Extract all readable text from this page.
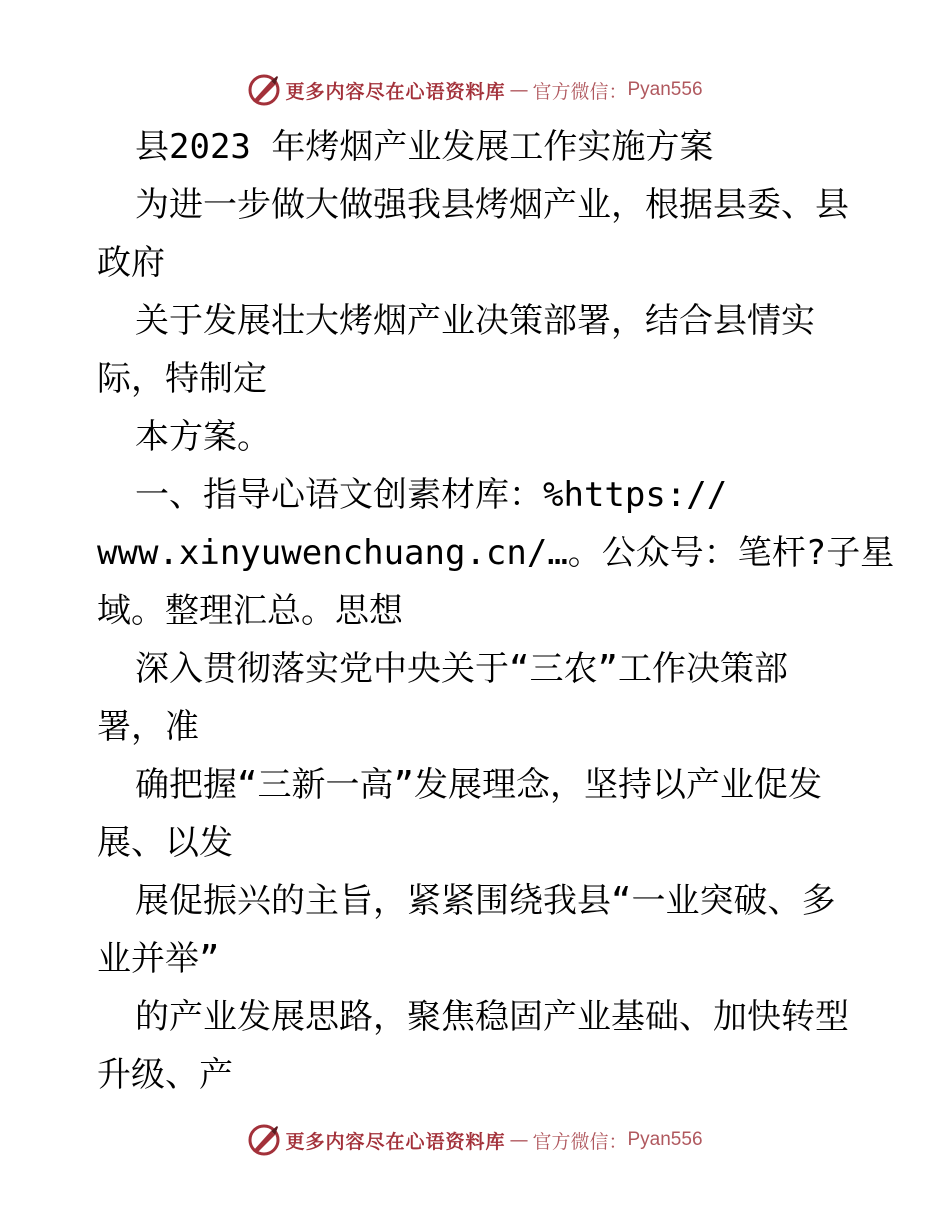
更多内容尽在心语资料库 — 官方微信： Pyan556
县2023 年烤烟产业发展工作实施方案
为进一步做大做强我县烤烟产业，根据县委、县
政府
关于发展壮大烤烟产业决策部署，结合县情实
际，特制定
本方案。
一、指导心语文创素材库：%https://
www.xinyuwenchuang.cn/…。公众号：笔杆?子星
域。整理汇总。思想
深入贯彻落实党中央关于“三农”工作决策部
署，准
确把握“三新一高”发展理念，坚持以产业促发
展、以发
展促振兴的主旨，紧紧围绕我县“一业突破、多
业并举”
的产业发展思路，聚焦稳固产业基础、加快转型
升级、产
更多内容尽在心语资料库 — 官方微信： Pyan556
